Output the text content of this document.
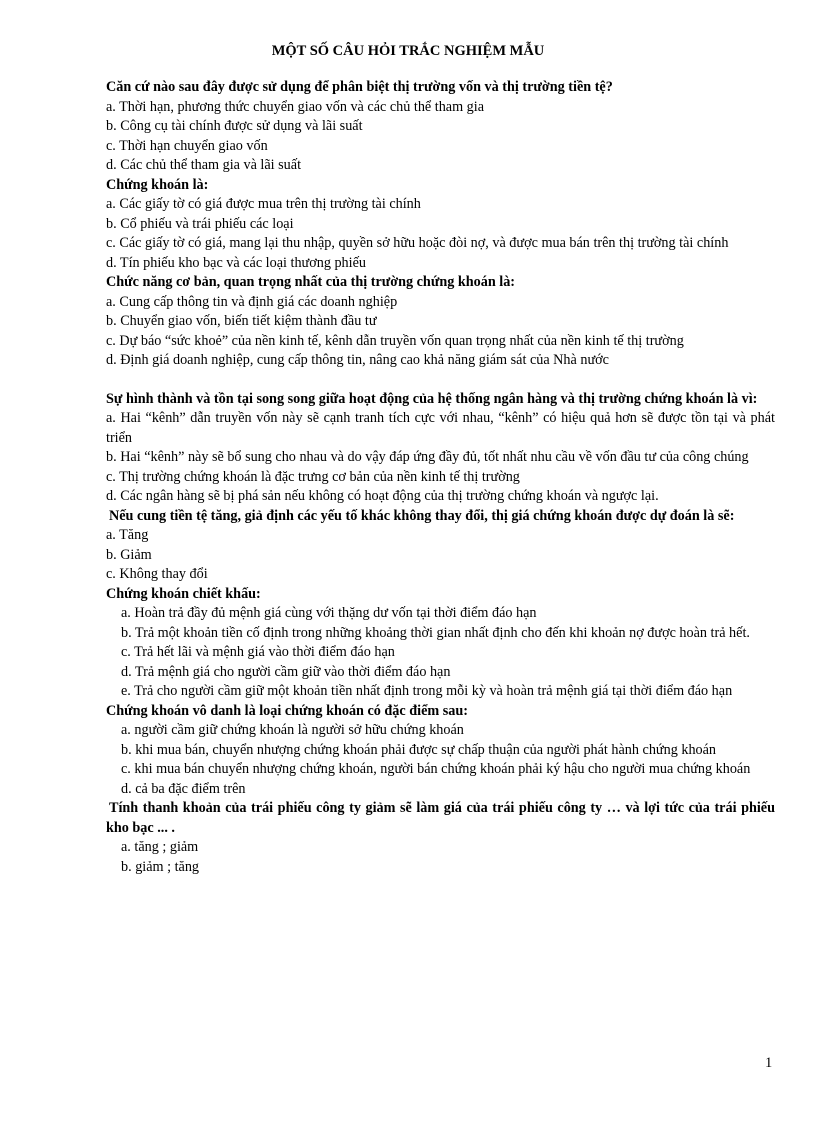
MỘT SỐ CÂU HỎI TRẮC NGHIỆM MẪU
Căn cứ nào sau đây được sử dụng để phân biệt thị trường vốn và thị trường tiền tệ?
a. Thời hạn, phương thức chuyển giao vốn và các chủ thể tham gia
b. Công cụ tài chính được sử dụng và lãi suất
c. Thời hạn chuyển giao vốn
d. Các chủ thể tham gia và lãi suất
Chứng khoán là:
a. Các giấy tờ có giá được mua trên thị trường tài chính
b. Cổ phiếu và trái phiếu các loại
c. Các giấy tờ có giá, mang lại thu nhập, quyền sở hữu hoặc đòi nợ, và được mua bán trên thị trường tài chính
d. Tín phiếu kho bạc và các loại thương phiếu
Chức năng cơ bản, quan trọng nhất của thị trường chứng khoán là:
a. Cung cấp thông tin và định giá các doanh nghiệp
b. Chuyển giao vốn, biến tiết kiệm thành đầu tư
c. Dự báo “sức khoẻ” của nền kinh tế, kênh dẫn truyền vốn quan trọng nhất của nền kinh tế thị trường
d. Định giá doanh nghiệp, cung cấp thông tin, nâng cao khả năng giám sát của Nhà nước
Sự hình thành và tồn tại song song giữa hoạt động của hệ thống ngân hàng và thị trường chứng khoán là vì:
a. Hai “kênh” dẫn truyền vốn này sẽ cạnh tranh tích cực với nhau, “kênh” có hiệu quả hơn sẽ được tồn tại và phát triển
b. Hai “kênh” này sẽ bổ sung cho nhau và do vậy đáp ứng đầy đủ, tốt nhất nhu cầu về vốn đầu tư của công chúng
c. Thị trường chứng khoán là đặc trưng cơ bản của nền kinh tế thị trường
d. Các ngân hàng sẽ bị phá sản nếu không có hoạt động của thị trường chứng khoán và ngược lại.
Nếu cung tiền tệ tăng, giả định các yếu tố khác không thay đổi, thị giá chứng khoán được dự đoán là sẽ:
a. Tăng
b. Giảm
c. Không thay đổi
Chứng khoán chiết khấu:
a. Hoàn trả đầy đủ mệnh giá cùng với thặng dư vốn tại thời điểm đáo hạn
b. Trả một khoản tiền cố định trong những khoảng thời gian nhất định cho đến khi khoản nợ được hoàn trả hết.
c. Trả hết lãi và mệnh giá vào thời điểm đáo hạn
d. Trả mệnh giá cho người cầm giữ vào thời điểm đáo hạn
e. Trả cho người cầm giữ một khoản tiền nhất định trong mỗi kỳ và hoàn trả mệnh giá tại thời điểm đáo hạn
Chứng khoán vô danh là loại chứng khoán có đặc điểm sau:
a. người cầm giữ chứng khoán là người sở hữu chứng khoán
b. khi mua bán, chuyển nhượng chứng khoán phải được sự chấp thuận của người phát hành chứng khoán
c. khi mua bán chuyển nhượng chứng khoán, người bán chứng khoán phải ký hậu cho người mua chứng khoán
d. cả ba đặc điểm trên
Tính thanh khoản của trái phiếu công ty giảm sẽ làm giá của trái phiếu công ty … và lợi tức của trái phiếu kho bạc ... .
a. tăng ; giảm
b. giảm ; tăng
1
